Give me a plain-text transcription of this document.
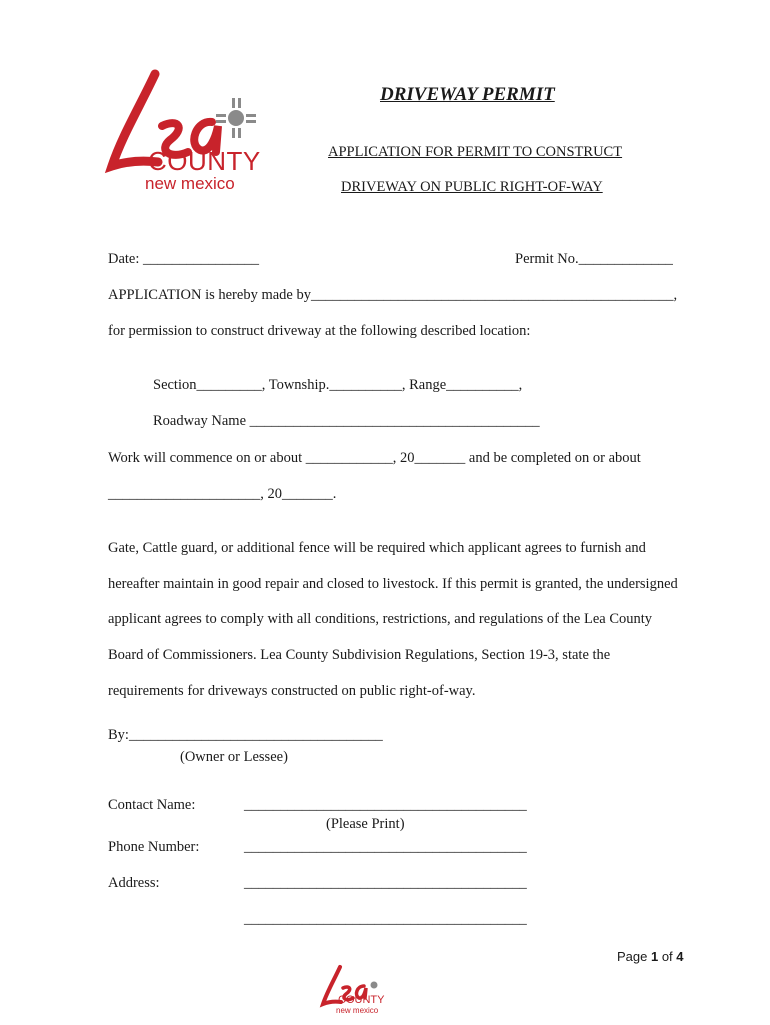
COUNTY
new mexico
DRIVEWAY PERMIT
APPLICATION FOR PERMIT TO CONSTRUCT
DRIVEWAY ON PUBLIC RIGHT-OF-WAY
Date: ________________	Permit No._____________
APPLICATION is hereby made by__________________________________________________,
for permission to construct driveway at the following described location:
Section_________, Township.__________, Range__________,
Roadway Name ________________________________________
Work will commence on or about ____________, 20_______ and be completed on or about
_____________________, 20_______.
Gate, Cattle guard, or additional fence will be required which applicant agrees to furnish and
hereafter maintain in good repair and closed to livestock. If this permit is granted, the undersigned
applicant agrees to comply with all conditions, restrictions, and regulations of the Lea County
Board of Commissioners. Lea County Subdivision Regulations, Section 19-3, state the
requirements for driveways constructed on public right-of-way.
By:___________________________________
(Owner or Lessee)
Contact Name:	_______________________________________
(Please Print)
Phone Number:	_______________________________________
Address:	_______________________________________
_______________________________________
Page 1 of 4
COUNTY
new mexico
